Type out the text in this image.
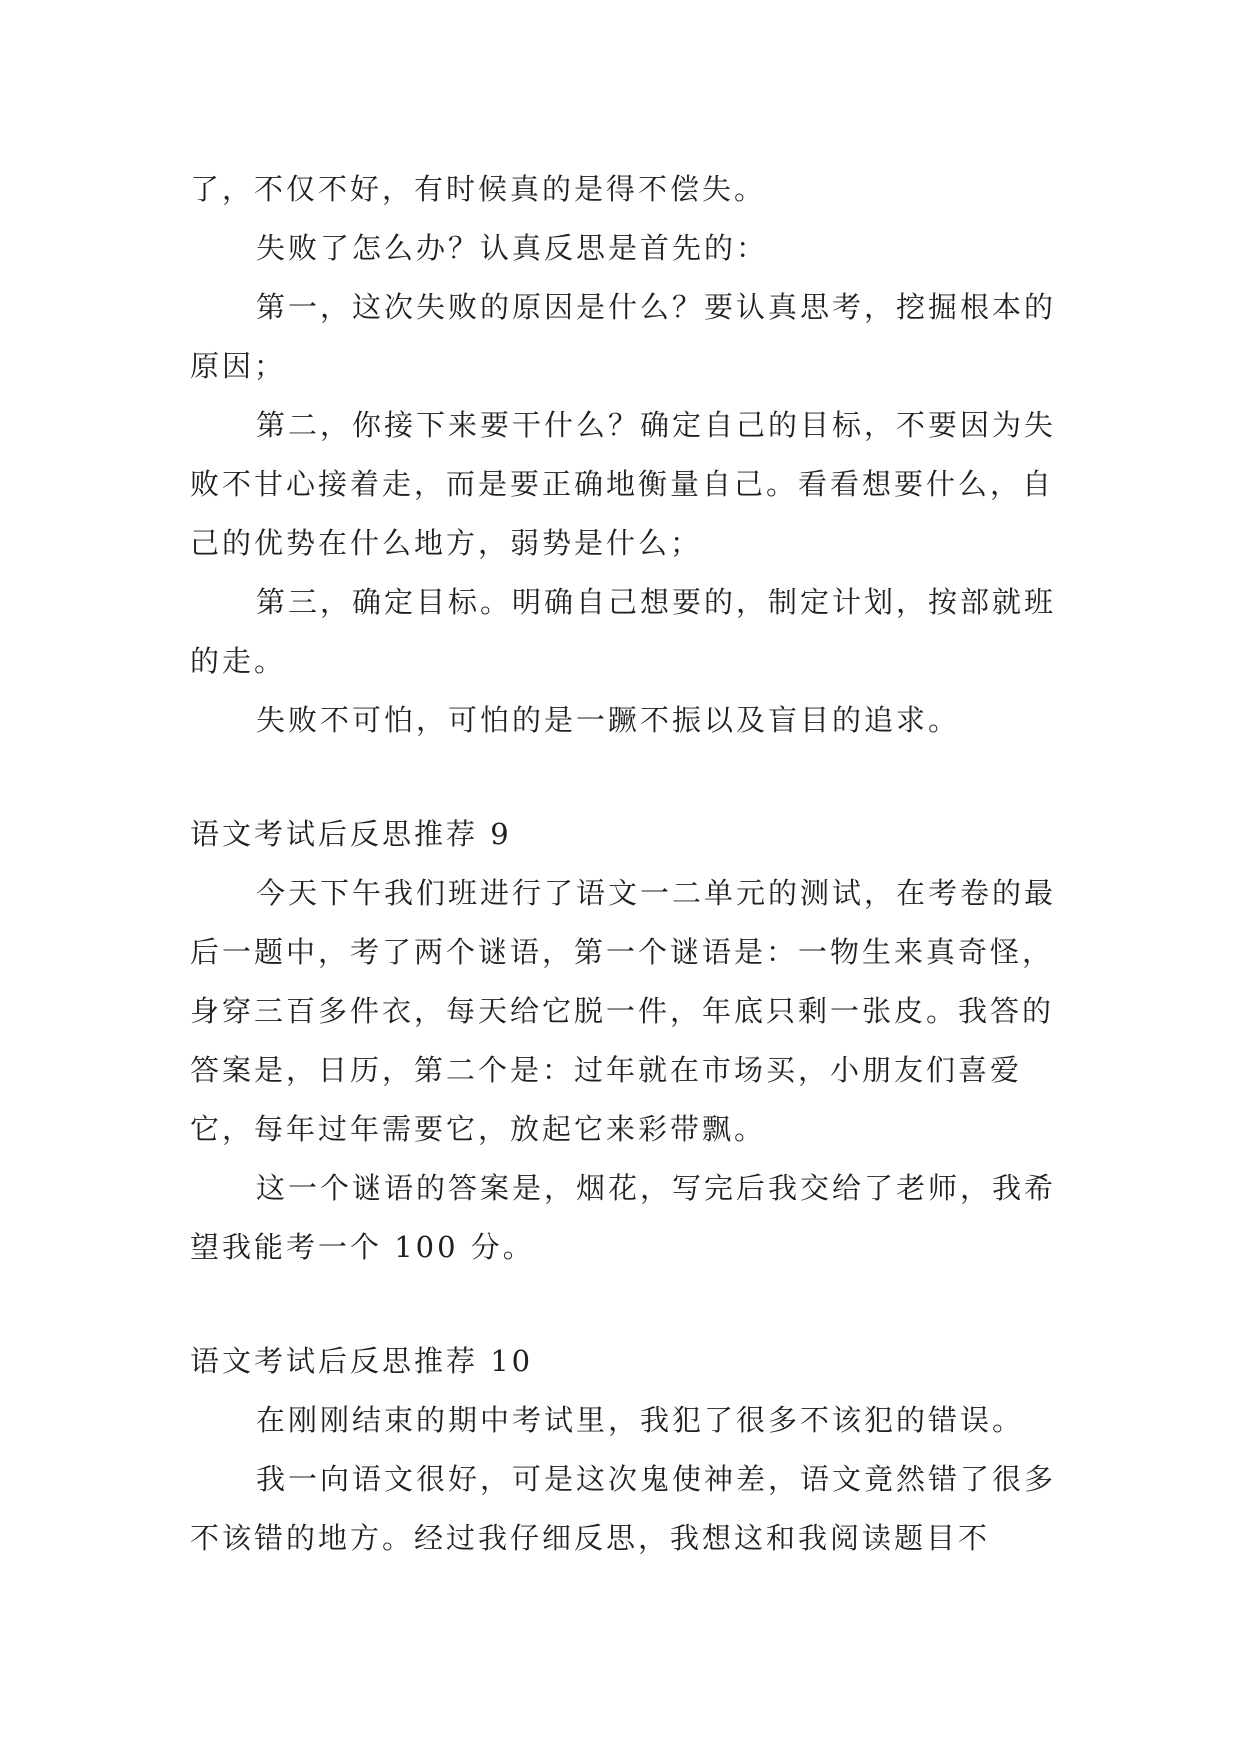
了，不仅不好，有时候真的是得不偿失。

失败了怎么办？认真反思是首先的：

第一，这次失败的原因是什么？要认真思考，挖掘根本的原因；

第二，你接下来要干什么？确定自己的目标，不要因为失败不甘心接着走，而是要正确地衡量自己。看看想要什么，自己的优势在什么地方，弱势是什么；

第三，确定目标。明确自己想要的，制定计划，按部就班的走。

失败不可怕，可怕的是一蹶不振以及盲目的追求。

语文考试后反思推荐 9

今天下午我们班进行了语文一二单元的测试，在考卷的最后一题中，考了两个谜语，第一个谜语是：一物生来真奇怪，身穿三百多件衣，每天给它脱一件，年底只剩一张皮。我答的答案是，日历，第二个是：过年就在市场买，小朋友们喜爱它，每年过年需要它，放起它来彩带飘。

这一个谜语的答案是，烟花，写完后我交给了老师，我希望我能考一个 100 分。

语文考试后反思推荐 10

在刚刚结束的期中考试里，我犯了很多不该犯的错误。

我一向语文很好，可是这次鬼使神差，语文竟然错了很多不该错的地方。经过我仔细反思，我想这和我阅读题目不
